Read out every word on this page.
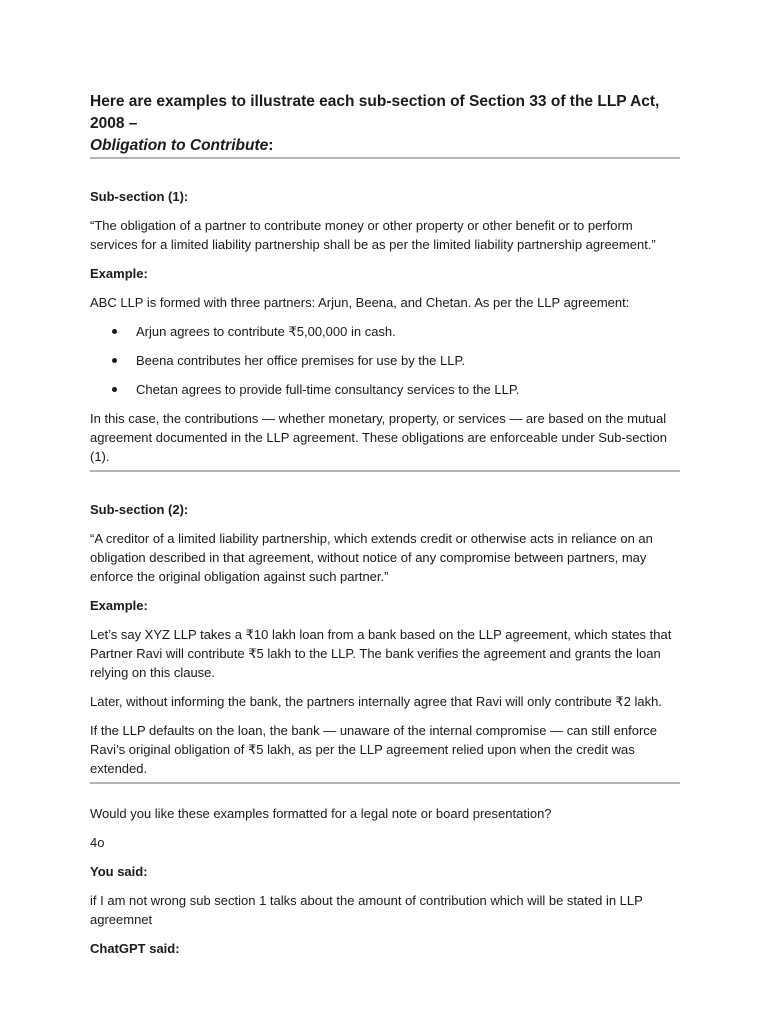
Here are examples to illustrate each sub-section of Section 33 of the LLP Act, 2008 –
Obligation to Contribute:

Sub-section (1):

“The obligation of a partner to contribute money or other property or other benefit or to perform services for a limited liability partnership shall be as per the limited liability partnership agreement.”

Example:

ABC LLP is formed with three partners: Arjun, Beena, and Chetan. As per the LLP agreement:

Arjun agrees to contribute ₹5,00,000 in cash.
Beena contributes her office premises for use by the LLP.
Chetan agrees to provide full-time consultancy services to the LLP.

In this case, the contributions — whether monetary, property, or services — are based on the mutual agreement documented in the LLP agreement. These obligations are enforceable under Sub-section (1).

Sub-section (2):

“A creditor of a limited liability partnership, which extends credit or otherwise acts in reliance on an obligation described in that agreement, without notice of any compromise between partners, may enforce the original obligation against such partner.”

Example:

Let’s say XYZ LLP takes a ₹10 lakh loan from a bank based on the LLP agreement, which states that Partner Ravi will contribute ₹5 lakh to the LLP. The bank verifies the agreement and grants the loan relying on this clause.

Later, without informing the bank, the partners internally agree that Ravi will only contribute ₹2 lakh.

If the LLP defaults on the loan, the bank — unaware of the internal compromise — can still enforce Ravi’s original obligation of ₹5 lakh, as per the LLP agreement relied upon when the credit was extended.

Would you like these examples formatted for a legal note or board presentation?

4o

You said:

if I am not wrong sub section 1 talks about the amount of contribution which will be stated in LLP agreemnet

ChatGPT said:
